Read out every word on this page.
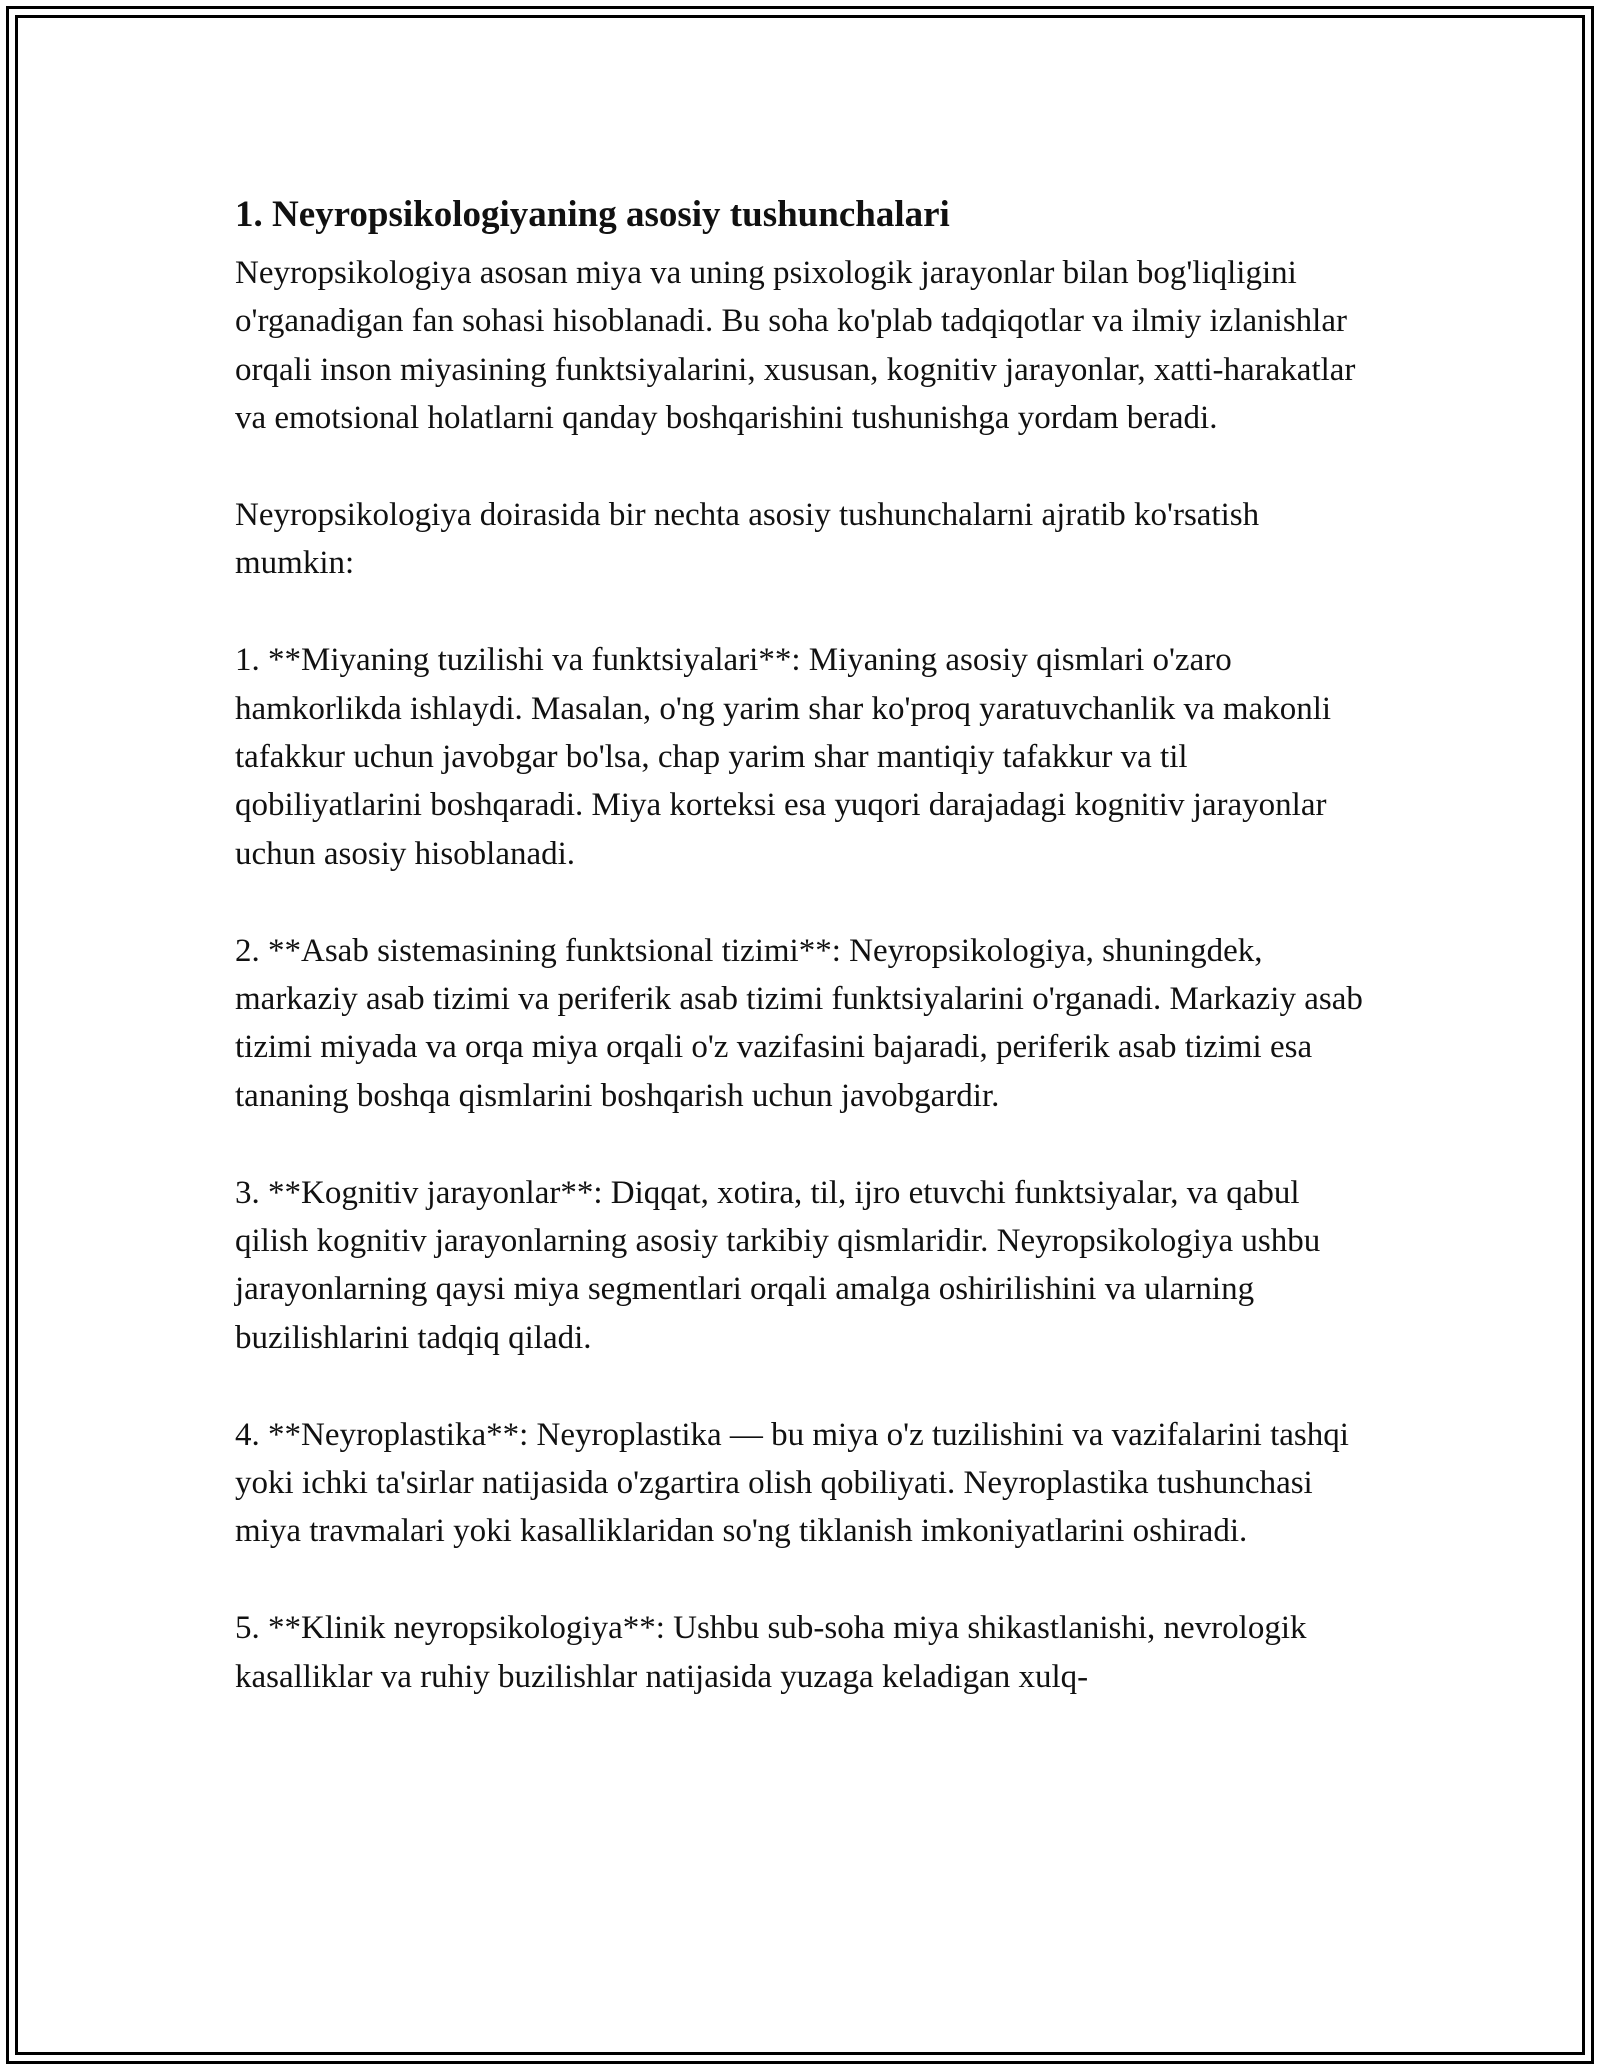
1. Neyropsikologiyaning asosiy tushunchalari

Neyropsikologiya asosan miya va uning psixologik jarayonlar bilan bog'liqligini o'rganadigan fan sohasi hisoblanadi. Bu soha ko'plab tadqiqotlar va ilmiy izlanishlar orqali inson miyasining funktsiyalarini, xususan, kognitiv jarayonlar, xatti-harakatlar va emotsional holatlarni qanday boshqarishini tushunishga yordam beradi.

Neyropsikologiya doirasida bir nechta asosiy tushunchalarni ajratib ko'rsatish mumkin:

1. **Miyaning tuzilishi va funktsiyalari**: Miyaning asosiy qismlari o'zaro hamkorlikda ishlaydi. Masalan, o'ng yarim shar ko'proq yaratuvchanlik va makonli tafakkur uchun javobgar bo'lsa, chap yarim shar mantiqiy tafakkur va til qobiliyatlarini boshqaradi. Miya korteksi esa yuqori darajadagi kognitiv jarayonlar uchun asosiy hisoblanadi.

2. **Asab sistemasining funktsional tizimi**: Neyropsikologiya, shuningdek, markaziy asab tizimi va periferik asab tizimi funktsiyalarini o'rganadi. Markaziy asab tizimi miyada va orqa miya orqali o'z vazifasini bajaradi, periferik asab tizimi esa tananing boshqa qismlarini boshqarish uchun javobgardir.

3. **Kognitiv jarayonlar**: Diqqat, xotira, til, ijro etuvchi funktsiyalar, va qabul qilish kognitiv jarayonlarning asosiy tarkibiy qismlaridir. Neyropsikologiya ushbu jarayonlarning qaysi miya segmentlari orqali amalga oshirilishini va ularning buzilishlarini tadqiq qiladi.

4. **Neyroplastika**: Neyroplastika — bu miya o'z tuzilishini va vazifalarini tashqi yoki ichki ta'sirlar natijasida o'zgartira olish qobiliyati. Neyroplastika tushunchasi miya travmalari yoki kasalliklaridan so'ng tiklanish imkoniyatlarini oshiradi.

5. **Klinik neyropsikologiya**: Ushbu sub-soha miya shikastlanishi, nevrologik kasalliklar va ruhiy buzilishlar natijasida yuzaga keladigan xulq-
